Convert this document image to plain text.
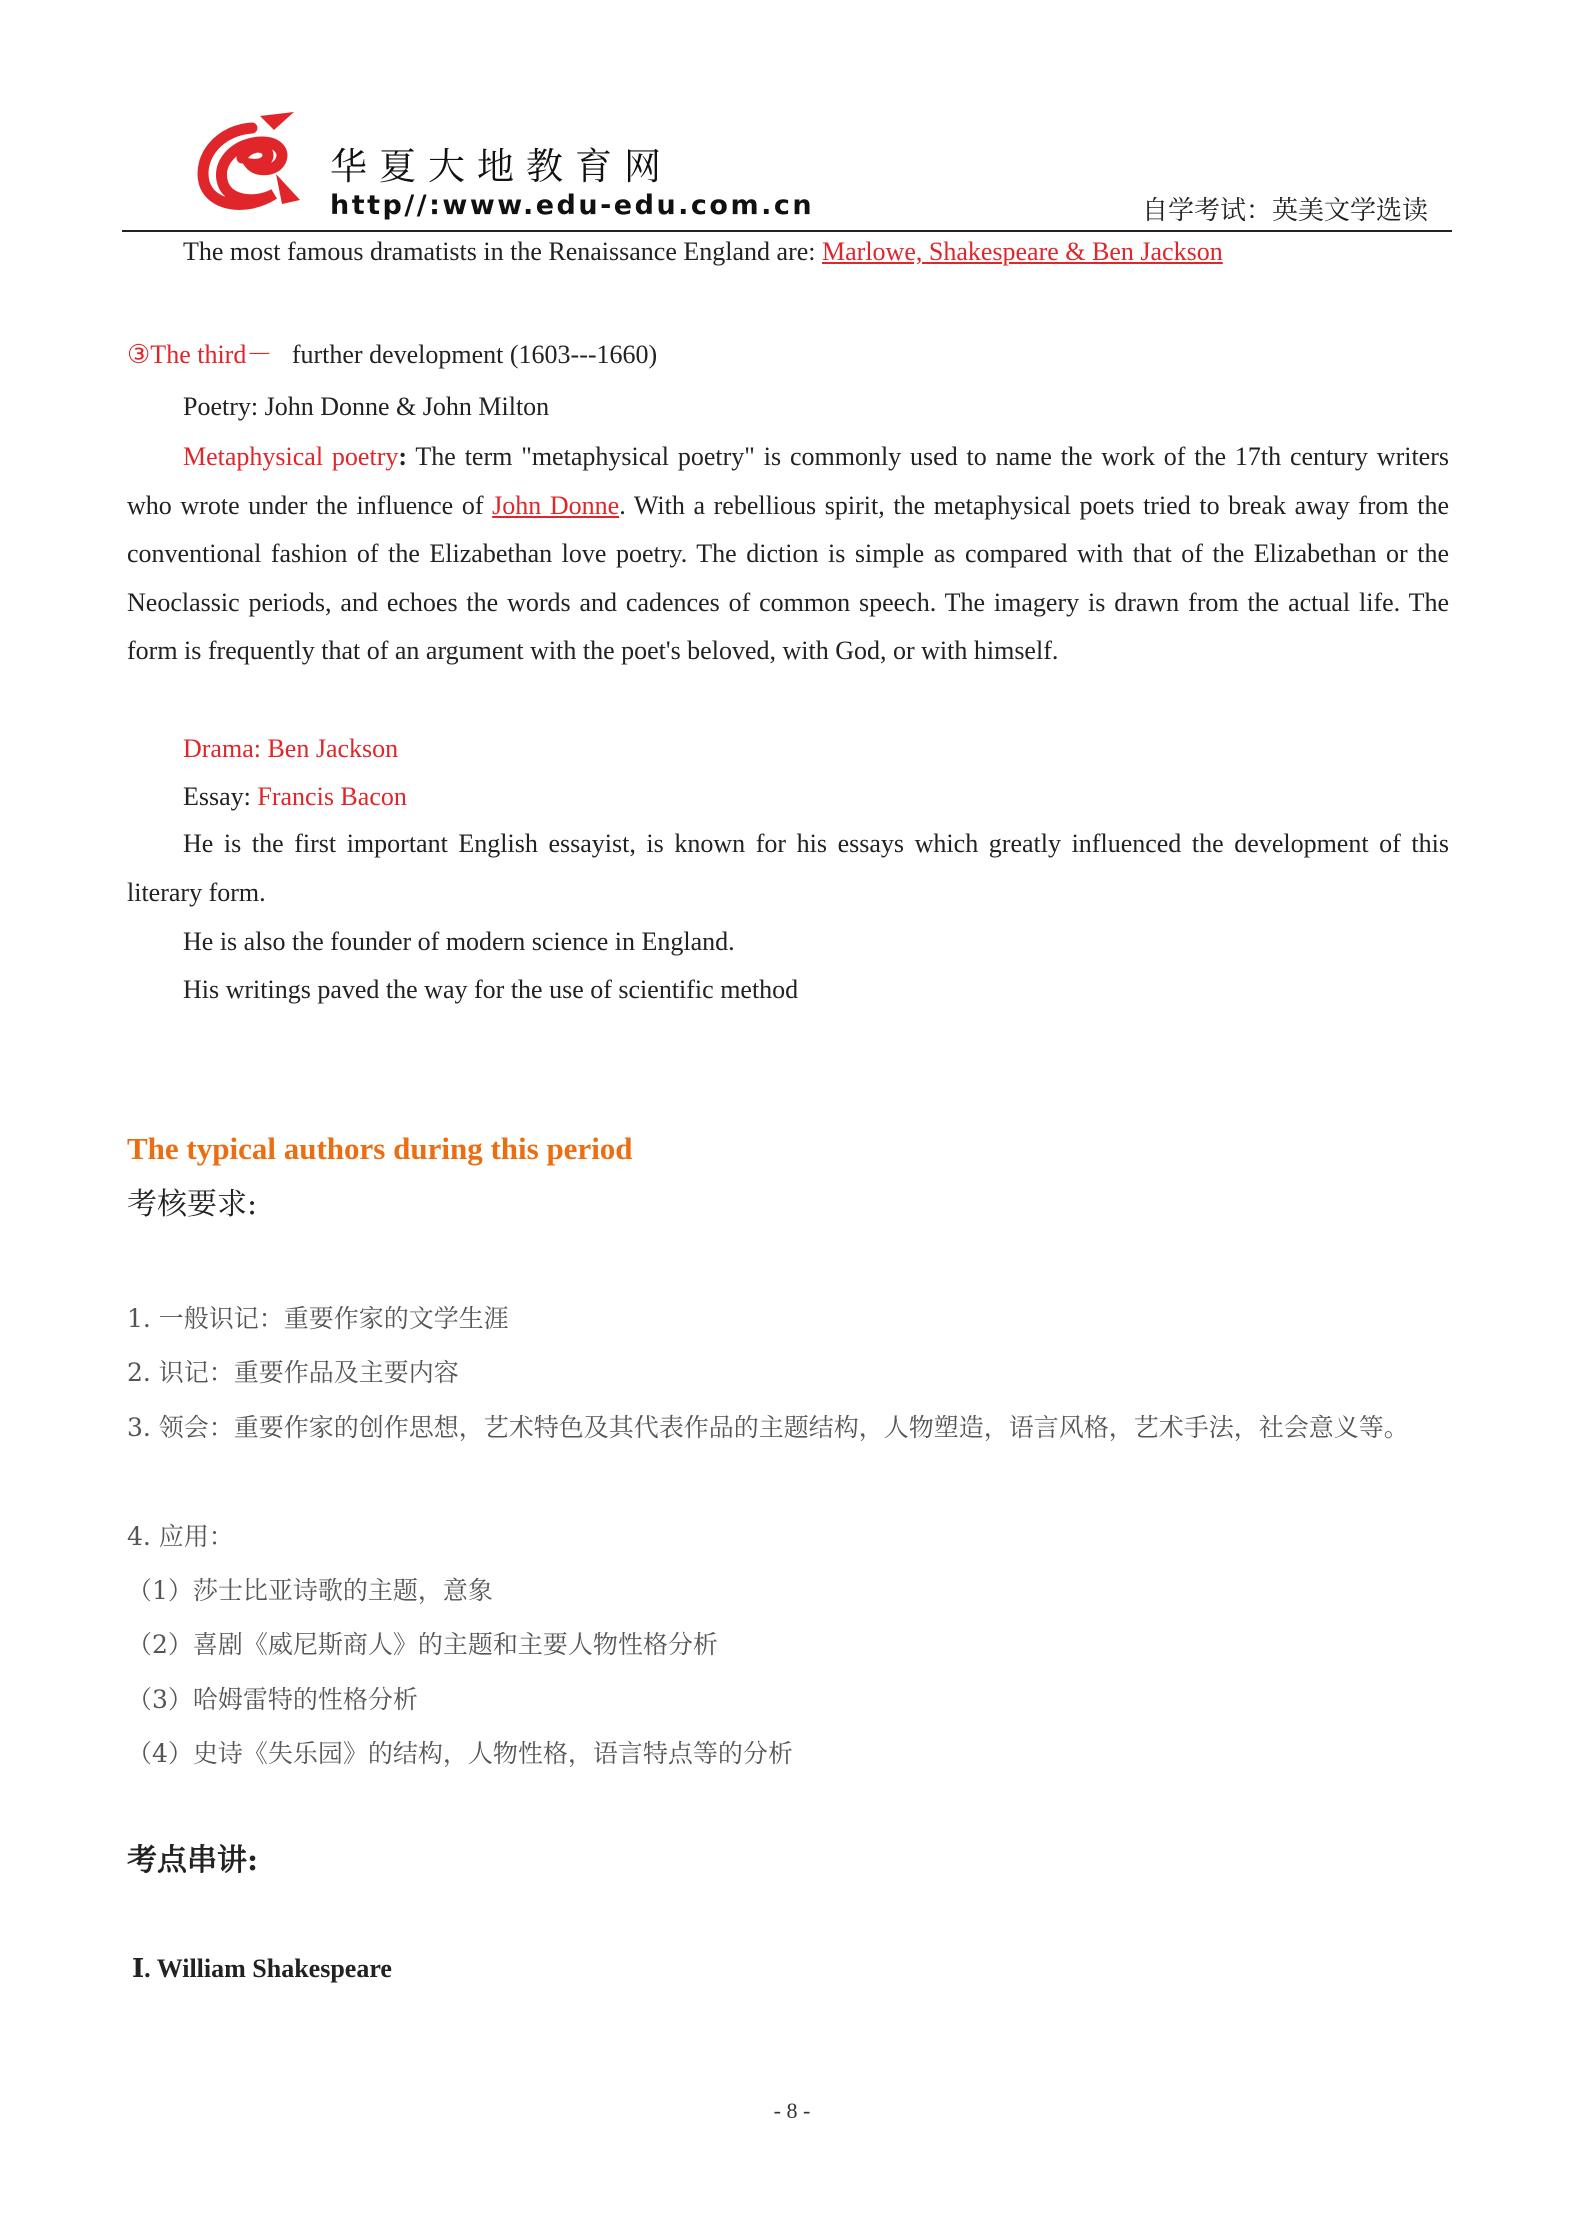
华夏大地教育网
http//:www.edu-edu.com.cn	自学考试：英美文学选读
The most famous dramatists in the Renaissance England are: Marlowe, Shakespeare & Ben Jackson
③The third－ further development (1603---1660)
Poetry: John Donne & John Milton
Metaphysical poetry: The term "metaphysical poetry" is commonly used to name the work of the 17th century writers who wrote under the influence of John Donne. With a rebellious spirit, the metaphysical poets tried to break away from the conventional fashion of the Elizabethan love poetry. The diction is simple as compared with that of the Elizabethan or the Neoclassic periods, and echoes the words and cadences of common speech. The imagery is drawn from the actual life. The form is frequently that of an argument with the poet's beloved, with God, or with himself.
Drama: Ben Jackson
Essay: Francis Bacon
He is the first important English essayist, is known for his essays which greatly influenced the development of this literary form.
He is also the founder of modern science in England.
His writings paved the way for the use of scientific method
The typical authors during this period
考核要求:
1. 一般识记：重要作家的文学生涯
2. 识记：重要作品及主要内容
3. 领会：重要作家的创作思想，艺术特色及其代表作品的主题结构，人物塑造，语言风格，艺术手法，社会意义等。
4. 应用：
（1）莎士比亚诗歌的主题，意象
（2）喜剧《威尼斯商人》的主题和主要人物性格分析
（3）哈姆雷特的性格分析
（4）史诗《失乐园》的结构，人物性格，语言特点等的分析
考点串讲:
Ⅰ. William Shakespeare
- 8 -
